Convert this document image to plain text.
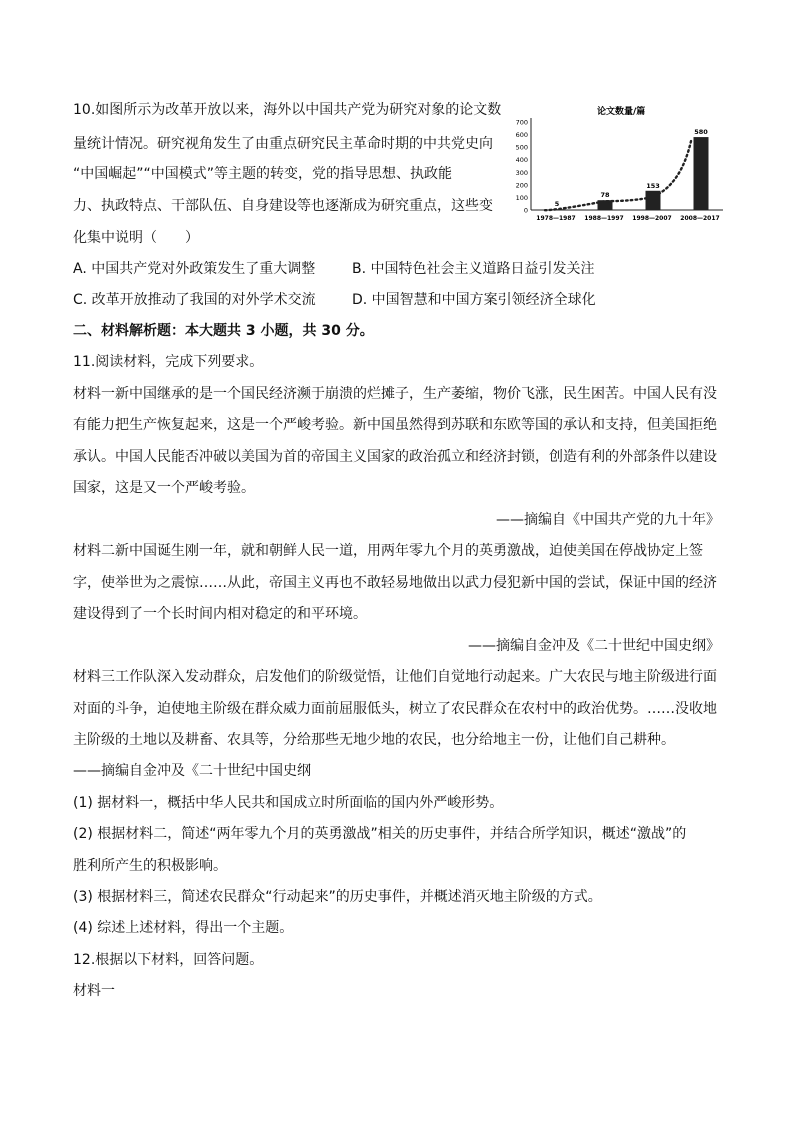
10.如图所示为改革开放以来，海外以中国共产党为研究对象的论文数
量统计情况。研究视角发生了由重点研究民主革命时期的中共党史向
“中国崛起”“中国模式”等主题的转变，党的指导思想、执政能
力、执政特点、干部队伍、自身建设等也逐渐成为研究重点，这些变
化集中说明（　　）
A. 中国共产党对外政策发生了重大调整	B. 中国特色社会主义道路日益引发关注
C. 改革开放推动了我国的对外学术交流	D. 中国智慧和中国方案引领经济全球化
论文数量/篇
0
100
200
300
400
500
600
700
5
78
153
580
1978—1987 1988—1997 1998—2007 2008—2017
二、材料解析题：本大题共 3 小题，共 30 分。
11.阅读材料，完成下列要求。
材料一新中国继承的是一个国民经济濒于崩溃的烂摊子，生产萎缩，物价飞涨，民生困苦。中国人民有没
有能力把生产恢复起来，这是一个严峻考验。新中国虽然得到苏联和东欧等国的承认和支持，但美国拒绝
承认。中国人民能否冲破以美国为首的帝国主义国家的政治孤立和经济封锁，创造有利的外部条件以建设
国家，这是又一个严峻考验。
——摘编自《中国共产党的九十年》
材料二新中国诞生刚一年，就和朝鲜人民一道，用两年零九个月的英勇激战，迫使美国在停战协定上签
字，使举世为之震惊……从此，帝国主义再也不敢轻易地做出以武力侵犯新中国的尝试，保证中国的经济
建设得到了一个长时间内相对稳定的和平环境。
——摘编自金冲及《二十世纪中国史纲》
材料三工作队深入发动群众，启发他们的阶级觉悟，让他们自觉地行动起来。广大农民与地主阶级进行面
对面的斗争，迫使地主阶级在群众威力面前屈服低头，树立了农民群众在农村中的政治优势。……没收地
主阶级的土地以及耕畜、农具等，分给那些无地少地的农民，也分给地主一份，让他们自己耕种。
——摘编自金冲及《二十世纪中国史纲
(1) 据材料一，概括中华人民共和国成立时所面临的国内外严峻形势。
(2) 根据材料二，简述“两年零九个月的英勇激战”相关的历史事件，并结合所学知识，概述“激战”的
胜利所产生的积极影响。
(3) 根据材料三，简述农民群众“行动起来”的历史事件，并概述消灭地主阶级的方式。
(4) 综述上述材料，得出一个主题。
12.根据以下材料，回答问题。
材料一
